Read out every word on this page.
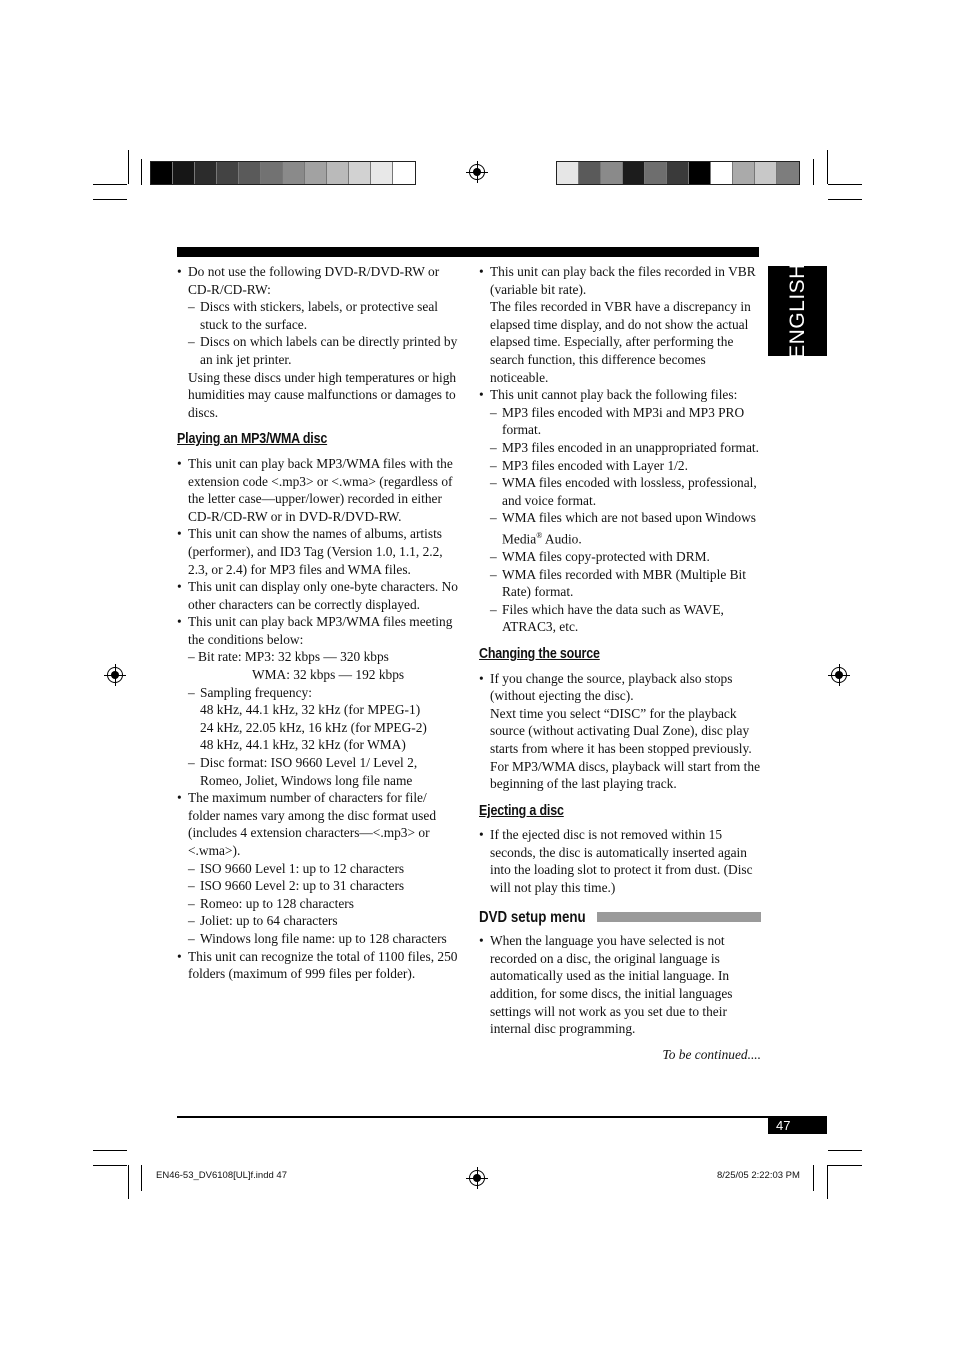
ENGLISH

• Do not use the following DVD-R/DVD-RW or CD-R/CD-RW:

– Discs with stickers, labels, or protective seal stuck to the surface.

– Discs on which labels can be directly printed by an ink jet printer.

Using these discs under high temperatures or high humidities may cause malfunctions or damages to discs.

Playing an MP3/WMA disc

• This unit can play back MP3/WMA files with the extension code <.mp3> or <.wma> (regardless of the letter case—upper/lower) recorded in either CD-R/CD-RW or in DVD-R/DVD-RW.

• This unit can show the names of albums, artists (performer), and ID3 Tag (Version 1.0, 1.1, 2.2, 2.3, or 2.4) for MP3 files and WMA files.

• This unit can display only one-byte characters. No other characters can be correctly displayed.

• This unit can play back MP3/WMA files meeting the conditions below:

– Bit rate: MP3: 32 kbps — 320 kbps

WMA: 32 kbps — 192 kbps

– Sampling frequency:

48 kHz, 44.1 kHz, 32 kHz (for MPEG-1)

24 kHz, 22.05 kHz, 16 kHz (for MPEG-2)

48 kHz, 44.1 kHz, 32 kHz (for WMA)

– Disc format: ISO 9660 Level 1/ Level 2, Romeo, Joliet, Windows long file name

• The maximum number of characters for file/ folder names vary among the disc format used (includes 4 extension characters—<.mp3> or <.wma>).

– ISO 9660 Level 1: up to 12 characters

– ISO 9660 Level 2: up to 31 characters

– Romeo: up to 128 characters

– Joliet: up to 64 characters

– Windows long file name: up to 128 characters

• This unit can recognize the total of 1100 files, 250 folders (maximum of 999 files per folder).

• This unit can play back the files recorded in VBR (variable bit rate).

The files recorded in VBR have a discrepancy in elapsed time display, and do not show the actual elapsed time. Especially, after performing the search function, this difference becomes noticeable.

• This unit cannot play back the following files:

– MP3 files encoded with MP3i and MP3 PRO format.

– MP3 files encoded in an unappropriated format.

– MP3 files encoded with Layer 1/2.

– WMA files encoded with lossless, professional, and voice format.

– WMA files which are not based upon Windows Media® Audio.

– WMA files copy-protected with DRM.

– WMA files recorded with MBR (Multiple Bit Rate) format.

– Files which have the data such as WAVE, ATRAC3, etc.

Changing the source

• If you change the source, playback also stops (without ejecting the disc).

Next time you select “DISC” for the playback source (without activating Dual Zone), disc play starts from where it has been stopped previously.

For MP3/WMA discs, playback will start from the beginning of the last playing track.

Ejecting a disc

• If the ejected disc is not removed within 15 seconds, the disc is automatically inserted again into the loading slot to protect it from dust. (Disc will not play this time.)

DVD setup menu

• When the language you have selected is not recorded on a disc, the original language is automatically used as the initial language. In addition, for some discs, the initial languages settings will not work as you set due to their internal disc programming.

To be continued....

47
EN46-53_DV6108[UL]f.indd 47	8/25/05 2:22:03 PM
